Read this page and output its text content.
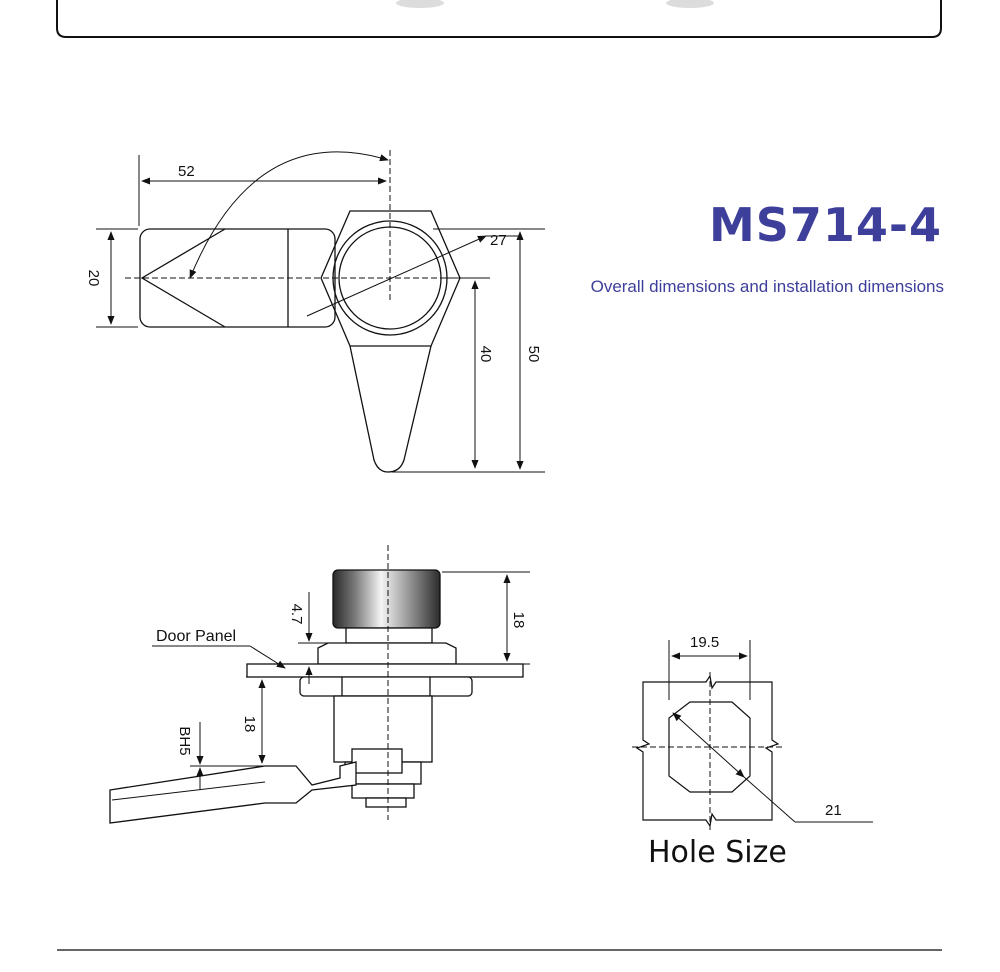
52
20
27
40 50
Door Panel
4.7	18
18
BH5
19.5
21
MS714-4
Overall dimensions and installation dimensions
Hole Size
